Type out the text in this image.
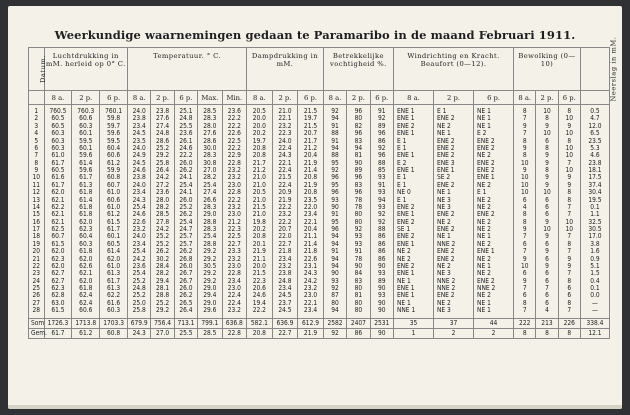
Weerkundige waarnemingen gedaan te Paramaribo in de maand Februari 1911.
Datum.	Luchtdrukking in mM. herleid op 0° C.			Temperatuur. ° C.					Dampdrukking in mM.			Betrekkelijke vochtigheid %.			Windrichting en Kracht. Beaufort (0—12).			Bewolking (0—10)			Neerslag in mM.
	8 a.	2 p.	6 p.	8 a.	2 p.	6 p.	Max.	Min.	8 a.	2 p.	6 p.	8 a.	2 p.	6 p.	8 a.	2 p.	6 p.	8 a.	2 p.	6 p.	
1	760.5	760.3	760.1	24.0	23.8	25.1	28.5	23.6	20.5	21.0	21.5	92	96	91	ENE 1	E 1	NE 1	8	10	8	0.5
2	60.5	60.6	59.8	23.8	27.6	24.8	28.3	22.2	20.0	22.1	19.7	94	80	92	ENE 1	ENE 2	NE 1	7	8	10	4.7
3	60.5	60.3	59.7	23.4	27.4	25.5	28.0	22.2	20.0	23.2	21.5	91	82	89	ENE 2	NE 2	NE 1	9	9	9	12.0
4	60.3	60.1	59.6	24.5	24.8	23.6	27.6	22.6	20.2	22.3	20.7	88	96	96	ENE 1	NE 1	E 2	7	10	10	6.5
5	60.3	59.5	59.5	23.5	28.6	26.1	28.6	22.5	19.7	24.0	21.7	91	83	86	E 1	ENE 2	ENE 2	8	6	8	23.5
6	60.3	60.1	60.4	24.0	25.2	24.6	30.0	22.2	20.8	22.4	21.2	94	94	92	E 1	ENE 2	ENE 2	9	8	10	5.3
7	61.0	59.6	60.6	24.9	29.2	22.2	28.3	22.9	20.8	24.3	20.4	88	81	96	ENE 1	ENE 2	NE 2	8	9	10	4.6
8	61.7	61.4	61.2	24.5	25.8	26.0	30.8	22.8	21.7	22.1	21.9	95	90	88	E 2	ENE 3	ENE 2	10	9	7	23.8
9	60.5	59.6	59.9	24.6	26.4	26.2	27.0	23.2	21.2	22.4	21.4	92	89	85	ENE 1	ENE 1	ENE 2	9	8	10	18.1
10	61.6	61.7	60.8	23.8	24.2	24.1	28.2	23.2	21.0	21.5	20.8	96	96	93	E 1	SE 2	ENE 1	10	9	9	17.5
11	61.7	61.3	60.7	24.0	27.2	25.4	25.4	23.0	21.0	22.4	21.9	95	83	91	E 1	ENE 2	NE 2	10	9	9	37.4
12	62.0	61.8	61.0	23.4	23.6	24.1	27.4	22.8	20.5	20.9	20.8	96	96	93	NE 0	NE 1	E 1	10	10	8	30.4
13	62.1	61.4	60.6	24.3	28.0	26.0	26.6	22.2	21.0	21.9	23.5	93	78	94	E 1	NE 3	NE 2	6	6	8	19.5
14	62.2	61.8	61.0	25.4	28.2	25.2	28.3	23.2	21.5	22.2	22.0	90	78	93	ENE 2	NE 3	NE 2	4	6	7	0.1
15	62.1	61.8	61.2	24.6	28.5	26.2	29.0	23.0	21.0	23.2	23.4	91	80	92	ENE 1	ENE 2	ENE 2	8	6	7	1.1
16	62.1	62.0	61.5	22.6	27.8	25.4	28.8	21.2	19.8	22.2	22.1	95	80	92	ENE 2	NE 2	NE 2	8	9	10	32.5
17	62.5	62.3	61.7	23.2	24.2	24.7	28.3	22.3	20.2	20.7	20.4	96	92	88	SE 1	ENE 2	NE 2	9	10	10	30.5
18	60.7	60.4	60.1	24.0	25.2	25.7	25.4	22.5	20.8	22.0	21.1	94	93	86	ENE 2	NE 1	NE 1	7	9	7	17.0
19	61.5	60.3	60.5	23.4	25.2	25.7	28.8	22.7	20.1	22.7	21.4	94	93	86	ENE 1	NNE 2	NE 2	6	6	8	3.8
20	62.0	61.8	61.4	25.4	26.2	26.2	29.2	23.3	21.9	21.8	21.8	91	91	86	NE 2	ENE 2	ENE 1	7	9	7	1.6
21	62.3	62.0	62.0	24.2	30.2	26.8	29.2	23.2	21.1	23.4	22.6	94	78	86	NE 2	ENE 2	NE 2	9	6	9	0.9
22	62.0	62.6	61.0	23.6	28.4	26.0	30.5	23.0	20.0	23.2	23.1	94	90	90	ENE 2	NE 2	NE 1	10	9	9	5.1
23	62.7	62.1	61.3	25.4	28.2	26.7	29.2	22.8	21.5	23.8	24.3	90	84	93	ENE 1	NE 3	NE 2	6	6	7	1.5
24	62.7	62.0	61.7	25.2	29.4	26.7	29.2	23.4	22.3	24.8	24.2	93	83	89	NE 1	NNE 2	ENE 2	9	6	8	0.4
25	62.3	61.8	61.3	24.8	28.1	26.0	29.0	23.0	20.6	23.4	23.2	92	80	90	ENE 1	NNE 2	NNE 2	7	7	6	0.1
26	62.8	62.4	62.2	25.2	28.8	26.2	29.4	22.4	24.6	24.5	23.0	87	81	93	ENE 1	ENE 2	NE 2	6	6	6	0.0
27	63.0	62.4	61.6	25.0	25.2	26.5	29.0	22.4	19.4	23.7	22.1	80	80	90	NE 1	NE 2	NE 1	8	6	8	—
28	61.5	60.6	60.3	25.8	29.2	26.4	29.6	23.2	22.2	24.5	23.4	94	80	90	NNE 1	NE 3	NE 1	7	4	7	—
Som	1726.3	1713.8	1703.3	679.9	756.4	713.1	799.1	636.8	582.1	636.9	612.9	2582	2407	2531	35	37	44	222	213	226	338.4
Gem.	61.7	61.2	60.8	24.3	27.0	25.5	28.5	22.8	20.8	22.7	21.9	92	86	90	1	2	2	8	8	8	12.1
